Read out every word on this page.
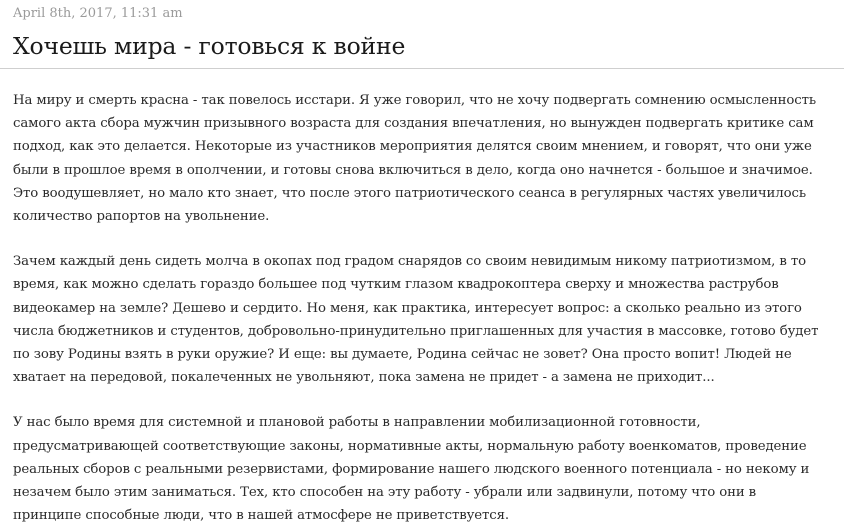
April 8th, 2017, 11:31 am
Хочешь мира - готовься к войне

На миру и смерть красна - так повелось исстари. Я уже говорил, что не хочу подвергать сомнению осмысленность самого акта сбора мужчин призывного возраста для создания впечатления, но вынужден подвергать критике сам подход, как это делается. Некоторые из участников мероприятия делятся своим мнением, и говорят, что они уже были в прошлое время в ополчении, и готовы снова включиться в дело, когда оно начнется - большое и значимое. Это воодушевляет, но мало кто знает, что после этого патриотического сеанса в регулярных частях увеличилось количество рапортов на увольнение.

Зачем каждый день сидеть молча в окопах под градом снарядов со своим невидимым никому патриотизмом, в то время, как можно сделать гораздо большее под чутким глазом квадрокоптера сверху и множества раструбов видеокамер на земле? Дешево и сердито. Но меня, как практика, интересует вопрос: а сколько реально из этого числа бюджетников и студентов, добровольно-принудительно приглашенных для участия в массовке, готово будет по зову Родины взять в руки оружие? И еще: вы думаете, Родина сейчас не зовет? Она просто вопит! Людей не хватает на передовой, покалеченных не увольняют, пока замена не придет - а замена не приходит...

У нас было время для системной и плановой работы в направлении мобилизационной готовности, предусматривающей соответствующие законы, нормативные акты, нормальную работу военкоматов, проведение реальных сборов с реальными резервистами, формирование нашего людского военного потенциала - но некому и незачем было этим заниматься. Тех, кто способен на эту работу - убрали или задвинули, потому что они в принципе способные люди, что в нашей атмосфере не приветствуется.
